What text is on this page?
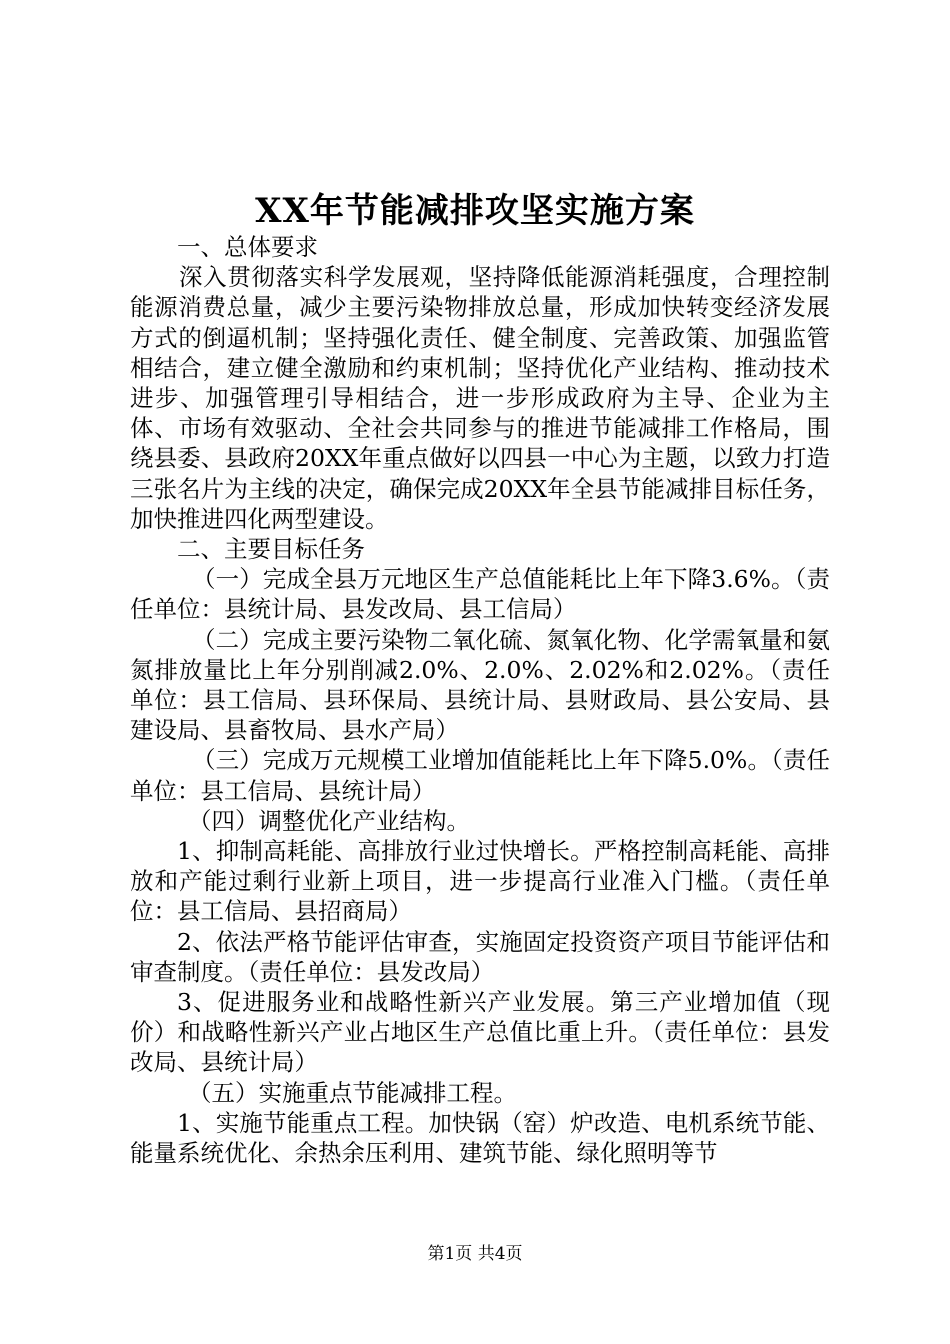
XX年节能减排攻坚实施方案

一、总体要求

深入贯彻落实科学发展观，坚持降低能源消耗强度，合理控制能源消费总量，减少主要污染物排放总量，形成加快转变经济发展方式的倒逼机制；坚持强化责任、健全制度、完善政策、加强监管相结合，建立健全激励和约束机制；坚持优化产业结构、推动技术进步、加强管理引导相结合，进一步形成政府为主导、企业为主体、市场有效驱动、全社会共同参与的推进节能减排工作格局，围绕县委、县政府20XX年重点做好以四县一中心为主题，以致力打造三张名片为主线的决定，确保完成20XX年全县节能减排目标任务，加快推进四化两型建设。

二、主要目标任务

（一）完成全县万元地区生产总值能耗比上年下降3.6%。（责任单位：县统计局、县发改局、县工信局）

（二）完成主要污染物二氧化硫、氮氧化物、化学需氧量和氨氮排放量比上年分别削减2.0%、2.0%、2.02%和2.02%。（责任单位：县工信局、县环保局、县统计局、县财政局、县公安局、县建设局、县畜牧局、县水产局）

（三）完成万元规模工业增加值能耗比上年下降5.0%。（责任单位：县工信局、县统计局）

（四）调整优化产业结构。

1、抑制高耗能、高排放行业过快增长。严格控制高耗能、高排放和产能过剩行业新上项目，进一步提高行业准入门槛。（责任单位：县工信局、县招商局）

2、依法严格节能评估审查，实施固定投资资产项目节能评估和审查制度。（责任单位：县发改局）

3、促进服务业和战略性新兴产业发展。第三产业增加值（现价）和战略性新兴产业占地区生产总值比重上升。（责任单位：县发改局、县统计局）

（五）实施重点节能减排工程。

1、实施节能重点工程。加快锅（窑）炉改造、电机系统节能、能量系统优化、余热余压利用、建筑节能、绿化照明等节

第1页 共4页
